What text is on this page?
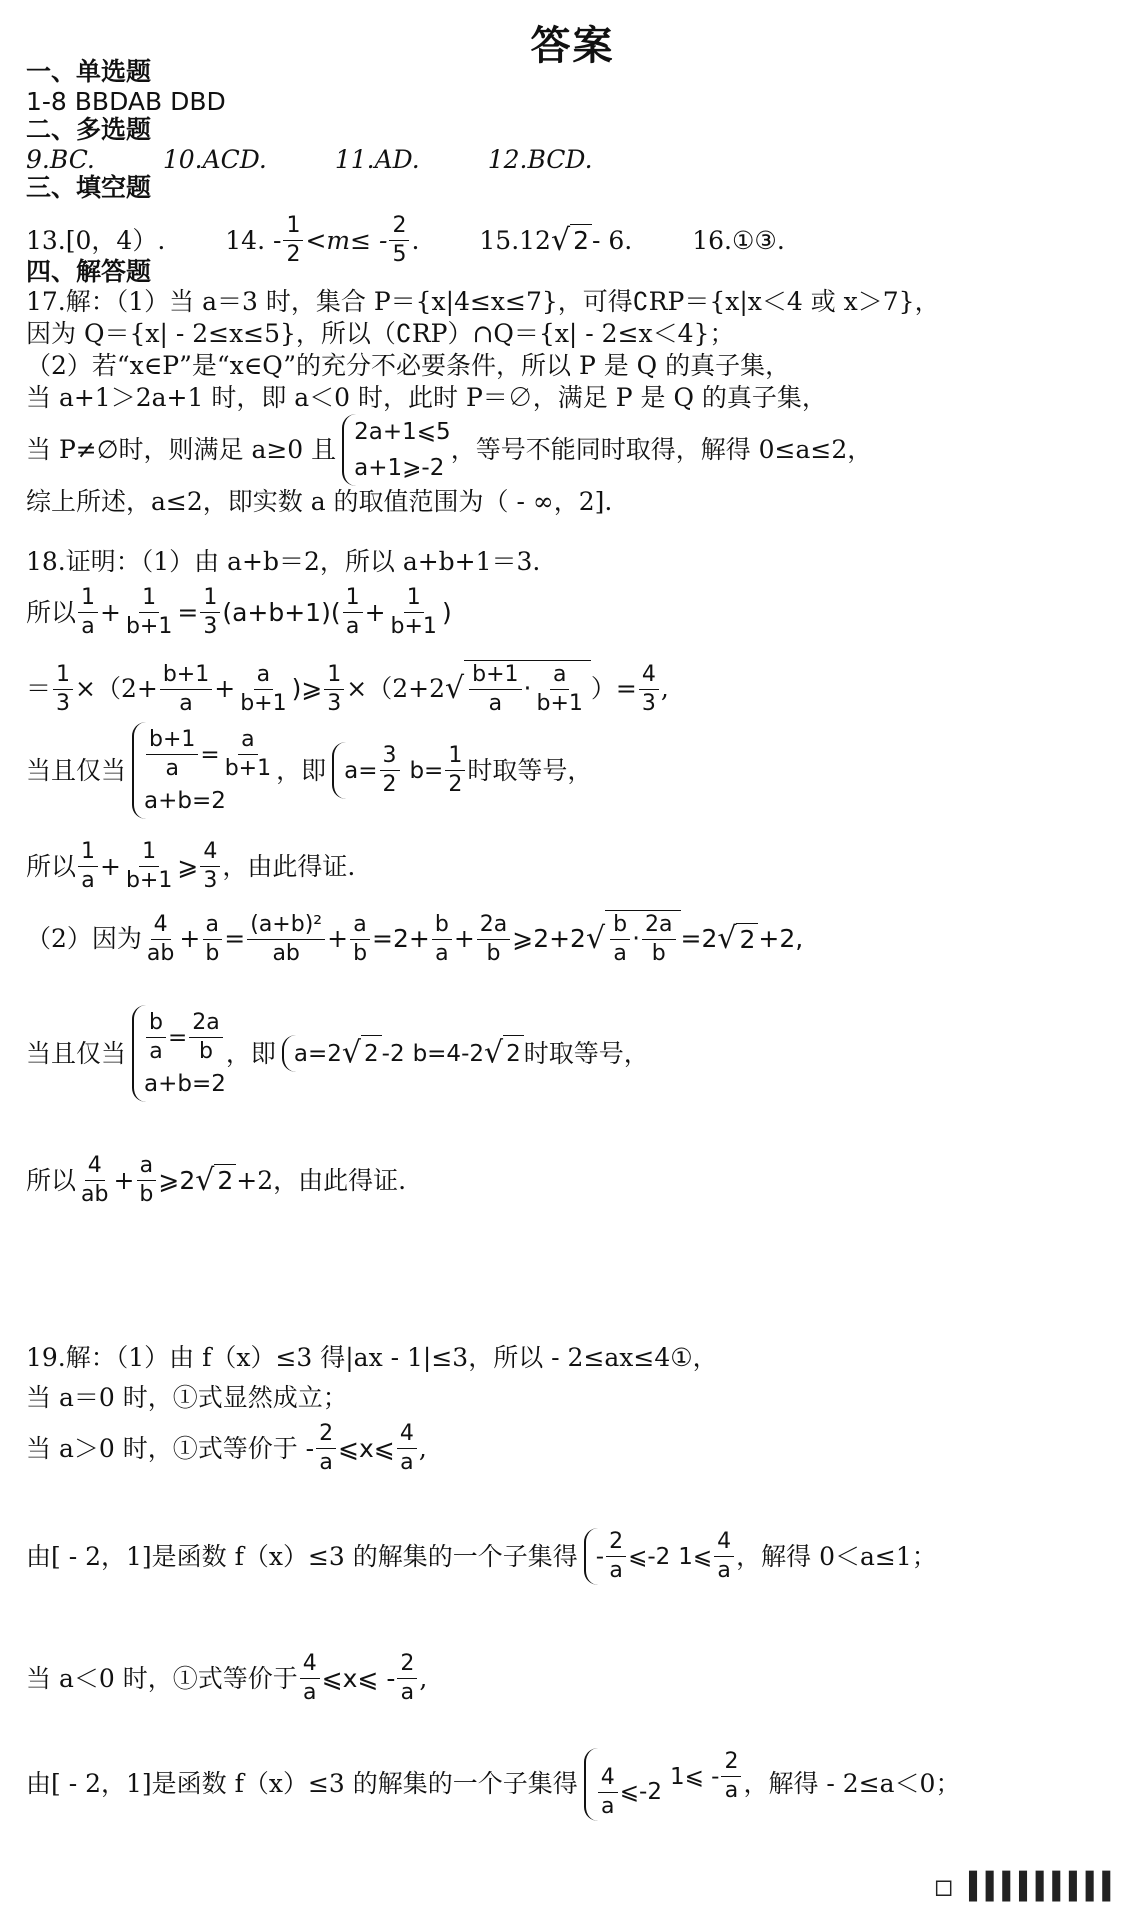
答案
一、单选题
1-8 BBDAB DBD
二、多选题
9.BC.	10.ACD.	11.AD.	12.BCD.
三、填空题
13.[0，4）. 14. - $\frac{1}{2} <m\le - \frac{2}{5}$ . 15.12 √ 2 - 6. 16.①③.
四、解答题
17.解：（1）当 a＝3 时，集合 P＝{x|4≤x≤7}，可得∁RP＝{x|x＜4 或 x＞7}，
因为 Q＝{x| - 2≤x≤5}，所以（∁RP）∩Q＝{x| - 2≤x＜4}；
（2）若“x∈P”是“x∈Q”的充分不必要条件，所以 P 是 Q 的真子集，
当 a+1＞2a+1 时，即 a＜0 时，此时 P＝∅，满足 P 是 Q 的真子集，
当 P≠∅时，则满足 a≥0 且
2a+1⩽5
a+1⩾-2
，等号不能同时取得，解得 0≤a≤2，
综上所述，a≤2，即实数 a 的取值范围为（ - ∞，2].
18.证明：（1）由 a+b＝2，所以 a+b+1＝3.
所以 $\frac{1}{a} + \frac{1}{b+1} = \frac{1}{3} (a+b+1)( \frac{1}{a} + \frac{1}{b+1}$ )
＝ $\frac{1}{3} \times(2+ \frac{b+1}{a} + \frac{a}{b+1}$ )⩾ $\frac{1}{3} \times(2+2$ √ $\frac{b+1}{a} \cdot \frac{a}{b+1}$ ）= $\frac{4}{3}$ ,
当且仅当 $\frac{b+1}{a} = \frac{a}{b+1}$
a+b=2
，即 $a= \frac{3}{2}$
$b= \frac{1}{2}$ 时取等号，
所以 $\frac{1}{a} + \frac{1}{b+1}$ ⩾ $\frac{4}{3}$ ，由此得证.
（2）因为 $\frac{4}{ab} + \frac{a}{b} = \frac{\text{(a+b)²}}{ab} + \frac{a}{b} =2+ \frac{b}{a} + \frac{2a}{b}$ ⩾2+2 √ $\frac{b}{a} \cdot \frac{2a}{b} =2$ √ 2 +2,
当且仅当 $\frac{b}{a} = \frac{2a}{b}$
a+b=2
，即 a=2 √ 2 -2
b=4-2 √ 2 时取等号，
所以 $\frac{4}{ab} + \frac{a}{b}$ ⩾2 √ 2 +2，由此得证.
19.解：（1）由 f（x）≤3 得|ax - 1|≤3，所以 - 2≤ax≤4①，
当 a＝0 时，①式显然成立；
当 a＞0 时，①式等价于 - $\frac{2}{a}$ ⩽x⩽ $\frac{4}{a}$ ,
由[ - 2，1]是函数 f（x）≤3 的解集的一个子集得 - $\frac{2}{a}$ ⩽-2
1⩽ $\frac{4}{a}$ ，解得 0＜a≤1；
当 a＜0 时，①式等价于 $\frac{4}{a}$ ⩽x⩽ - $\frac{2}{a}$ ,
由[ - 2，1]是函数 f（x）≤3 的解集的一个子集得 $\frac{4}{a}$ ⩽-2

1⩽ - $\frac{2}{a}$ ，解得 - 2≤a＜0；
□ ▌▌▌▌▌▌▌▌▌
